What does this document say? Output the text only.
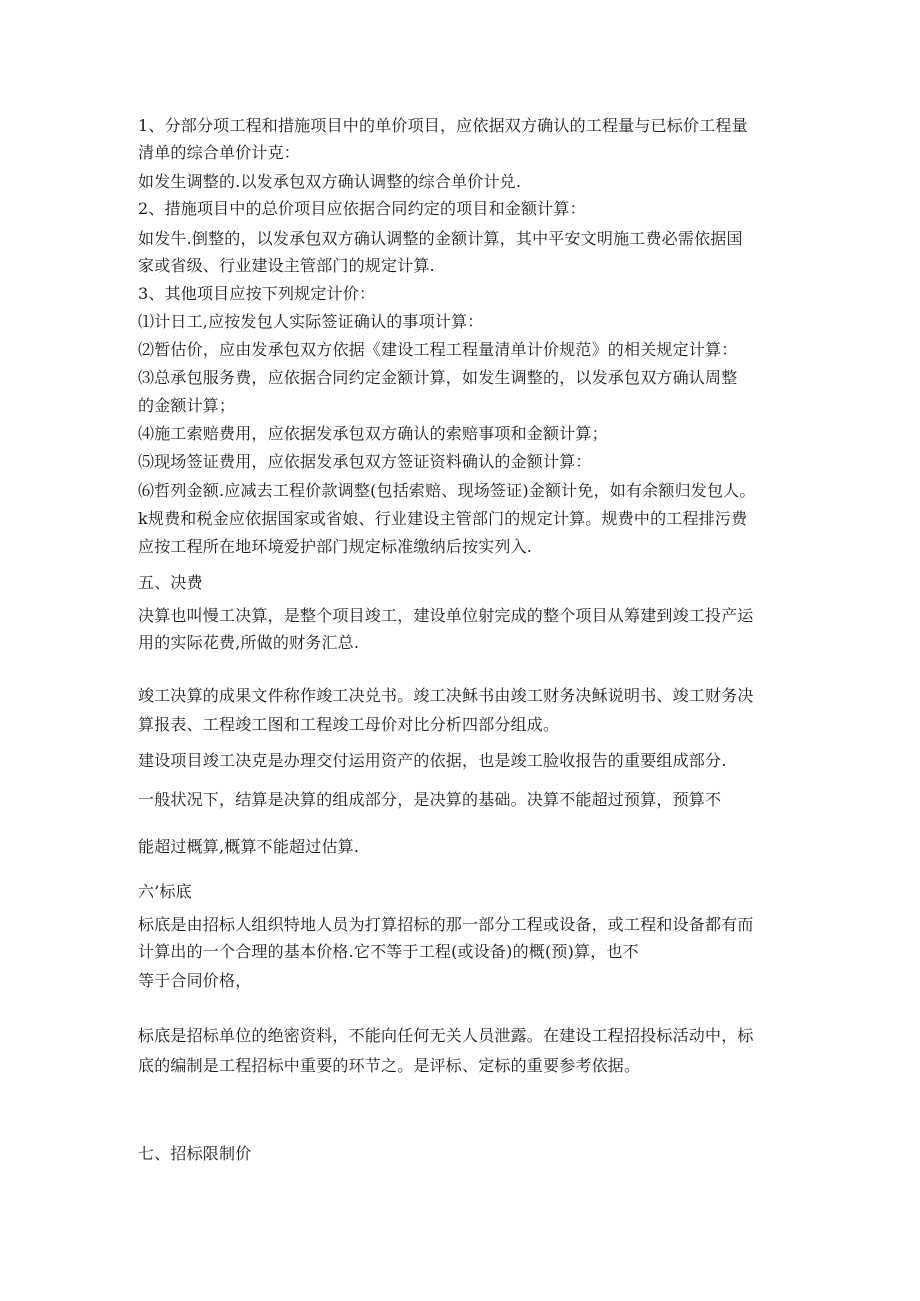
1、分部分项工程和措施项目中的单价项目，应依据双方确认的工程量与已标价工程量
清单的综合单价计克：
如发生调整的.以发承包双方确认调整的综合单价计兑.
2、措施项目中的总价项目应依据合同约定的项目和金额计算：
如发牛.倒整的，以发承包双方确认调整的金额计算，其中平安文明施工费必需依据国
家或省级、行业建设主管部门的规定计算.
3、其他项目应按下列规定计价：
⑴计日工,应按发包人实际签证确认的事项计算：
⑵暂估价，应由发承包双方依据《建设工程工程量清单计价规范》的相关规定计算：
⑶总承包服务费，应依据合同约定金额计算，如发生调整的，以发承包双方确认周整
的金额计算；
⑷施工索赔费用，应依据发承包双方确认的索赔事项和金额计算；
⑸现场签证费用，应依据发承包双方签证资料确认的金额计算：
⑹哲列金额.应减去工程价款调整(包括索赔、现场签证)金额计免，如有余额归发包人。
k规费和税金应依据国家或省娘、行业建设主管部门的规定计算。规费中的工程排污费
应按工程所在地环境爱护部门规定标准缴纳后按实列入.
五、决费
决算也叫慢工决算，是整个项目竣工，建设单位射完成的整个项目从筹建到竣工投产运
用的实际花费,所做的财务汇总.
竣工决算的成果文件称作竣工决兑书。竣工决稣书由竣工财务决稣说明书、竣工财务决
算报表、工程竣工图和工程竣工母价对比分析四部分组成。
建设项目竣工决克是办理交付运用资产的依据，也是竣工脸收报告的重要组成部分.
一般状况下，结算是决算的组成部分，是决算的基础。决算不能超过预算，预算不
能超过概算,概算不能超过估算.
六’标底
标底是由招标人组织特地人员为打算招标的那一部分工程或设备，或工程和设备都有而
计算出的一个合理的基本价格.它不等于工程(或设备)的概(预)算，也不
等于合同价格，
标底是招标单位的绝密资料，不能向任何无关人员泄露。在建设工程招投标活动中，标
底的编制是工程招标中重要的环节之。是评标、定标的重要参考依据。
七、招标限制价
